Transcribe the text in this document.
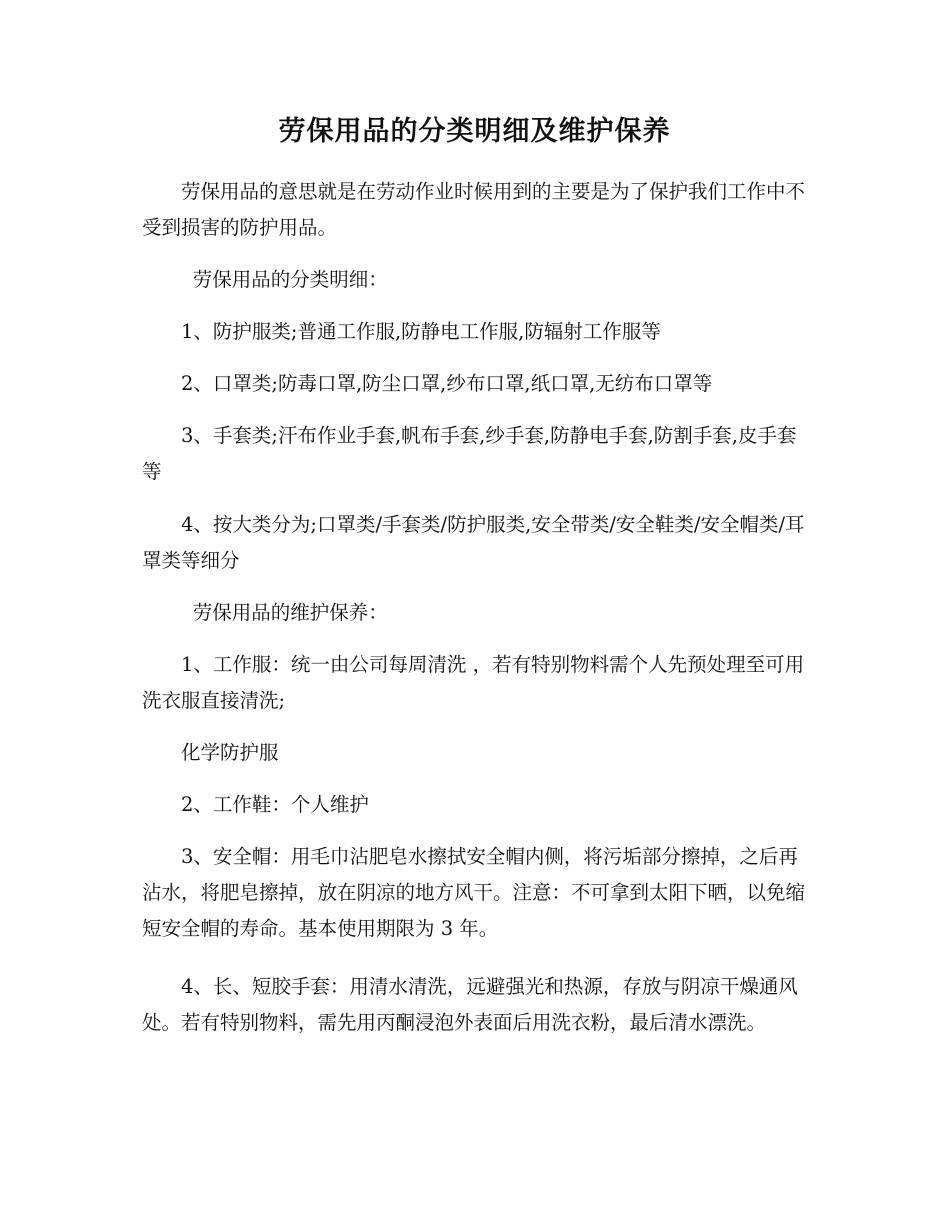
劳保用品的分类明细及维护保养

劳保用品的意思就是在劳动作业时候用到的主要是为了保护我们工作中不受到损害的防护用品。

劳保用品的分类明细：

1、防护服类;普通工作服,防静电工作服,防辐射工作服等

2、口罩类;防毒口罩,防尘口罩,纱布口罩,纸口罩,无纺布口罩等

3、手套类;汗布作业手套,帆布手套,纱手套,防静电手套,防割手套,皮手套等

4、按大类分为;口罩类/手套类/防护服类,安全带类/安全鞋类/安全帽类/耳罩类等细分

劳保用品的维护保养：

1、工作服：统一由公司每周清洗 ，若有特别物料需个人先预处理至可用洗衣服直接清洗;

化学防护服

2、工作鞋：个人维护

3、安全帽：用毛巾沾肥皂水擦拭安全帽内侧，将污垢部分擦掉，之后再沾水，将肥皂擦掉，放在阴凉的地方风干。注意：不可拿到太阳下晒，以免缩短安全帽的寿命。基本使用期限为 3 年。

4、长、短胶手套：用清水清洗，远避强光和热源，存放与阴凉干燥通风处。若有特别物料，需先用丙酮浸泡外表面后用洗衣粉，最后清水漂洗。
